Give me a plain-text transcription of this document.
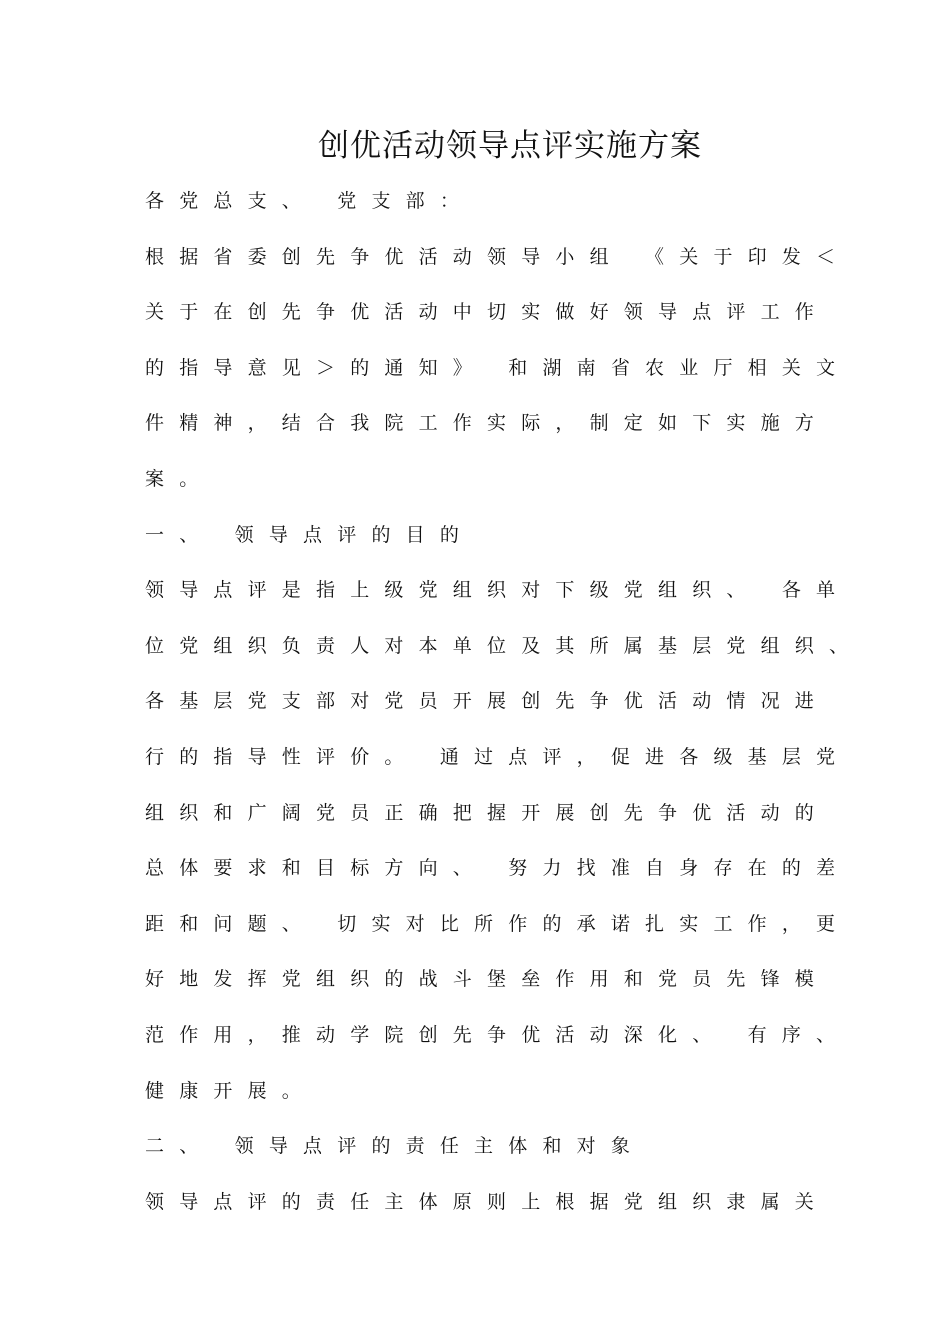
创优活动领导点评实施方案
各党总支、 党支部：
根据省委创先争优活动领导小组 《关于印发＜
关于在创先争优活动中切实做好领导点评工作
的指导意见＞的通知》 和湖南省农业厅相关文
件精神，结合我院工作实际，制定如下实施方
案。
一、 领导点评的目的
领导点评是指上级党组织对下级党组织、 各单
位党组织负责人对本单位及其所属基层党组织、
各基层党支部对党员开展创先争优活动情况进
行的指导性评价。 通过点评，促进各级基层党
组织和广阔党员正确把握开展创先争优活动的
总体要求和目标方向、 努力找准自身存在的差
距和问题、 切实对比所作的承诺扎实工作，更
好地发挥党组织的战斗堡垒作用和党员先锋模
范作用，推动学院创先争优活动深化、 有序、
健康开展。
二、 领导点评的责任主体和对象
领导点评的责任主体原则上根据党组织隶属关
